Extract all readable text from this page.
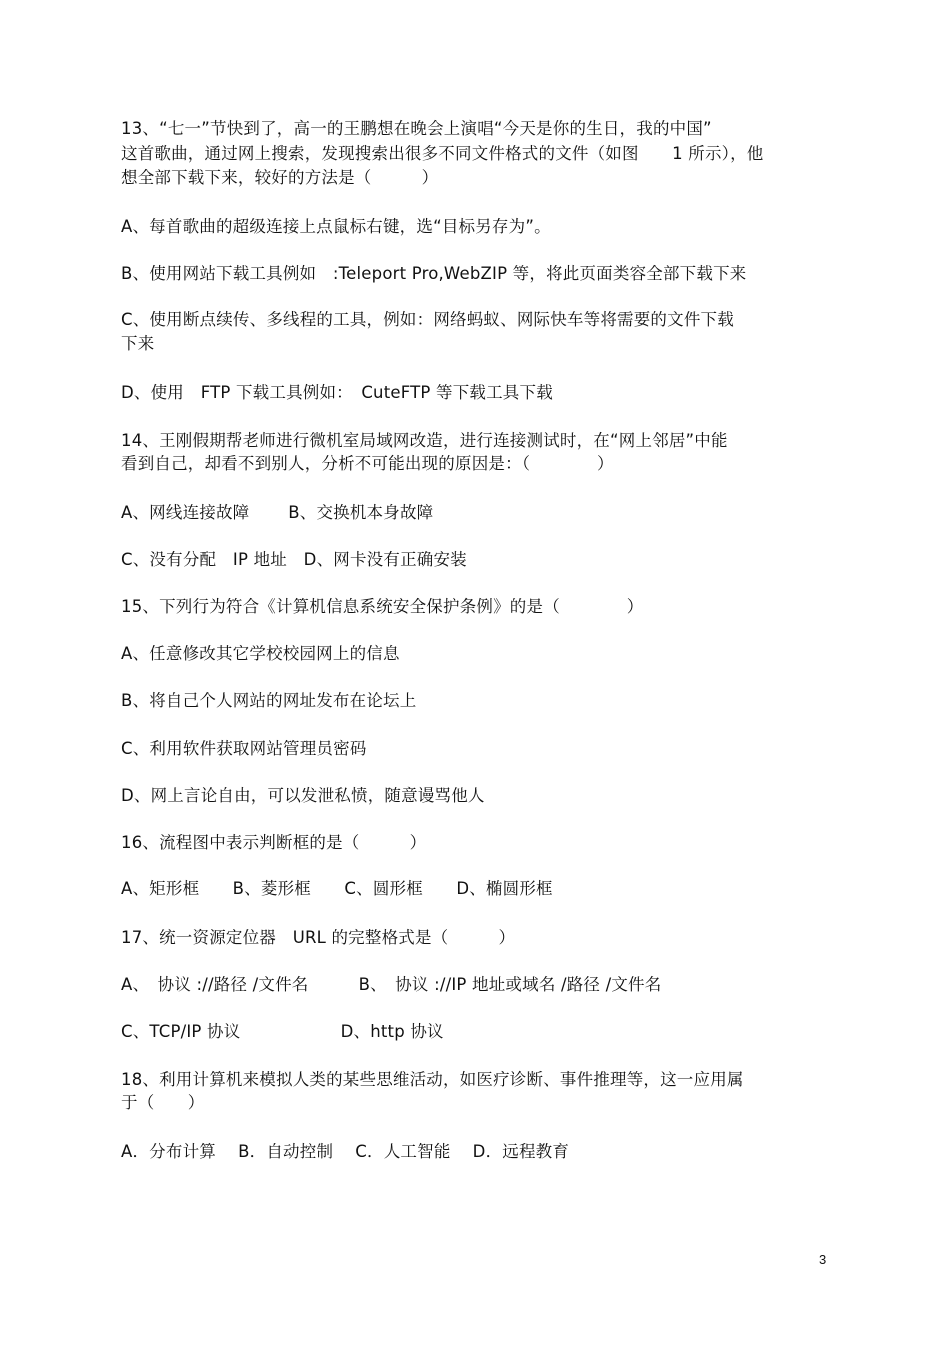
13、“七一”节快到了，高一的王鹏想在晚会上演唱“今天是你的生日，我的中国”
这首歌曲，通过网上搜索，发现搜索出很多不同文件格式的文件（如图　　1 所示），他
想全部下载下来，较好的方法是（　　　）
A、每首歌曲的超级连接上点鼠标右键，选“目标另存为”。
B、使用网站下载工具例如　:Teleport Pro,WebZIP 等，将此页面类容全部下载下来
C、使用断点续传、多线程的工具，例如：网络蚂蚁、网际快车等将需要的文件下载
下来
D、使用　FTP 下载工具例如：　CuteFTP 等下载工具下载
14、王刚假期帮老师进行微机室局域网改造，进行连接测试时，在“网上邻居”中能
看到自己，却看不到别人，分析不可能出现的原因是：（　　　　）
A、网线连接故障　　 B、交换机本身故障
C、没有分配　IP 地址　D、网卡没有正确安装
15、下列行为符合《计算机信息系统安全保护条例》的是（　　　　）
A、任意修改其它学校校园网上的信息
B、将自己个人网站的网址发布在论坛上
C、利用软件获取网站管理员密码
D、网上言论自由，可以发泄私愤，随意谩骂他人
16、流程图中表示判断框的是（　　　）
A、矩形框　　B、菱形框　　C、圆形框　　D、椭圆形框
17、统一资源定位器　URL 的完整格式是（　　　）
A、　协议 ://路径 /文件名　　　B、　协议 ://IP 地址或域名 /路径 /文件名
C、TCP/IP 协议　　　　　　D、http 协议
18、利用计算机来模拟人类的某些思维活动，如医疗诊断、事件推理等，这一应用属
于（　　）
A．分布计算　 B．自动控制　 C．人工智能　 D．远程教育
3
